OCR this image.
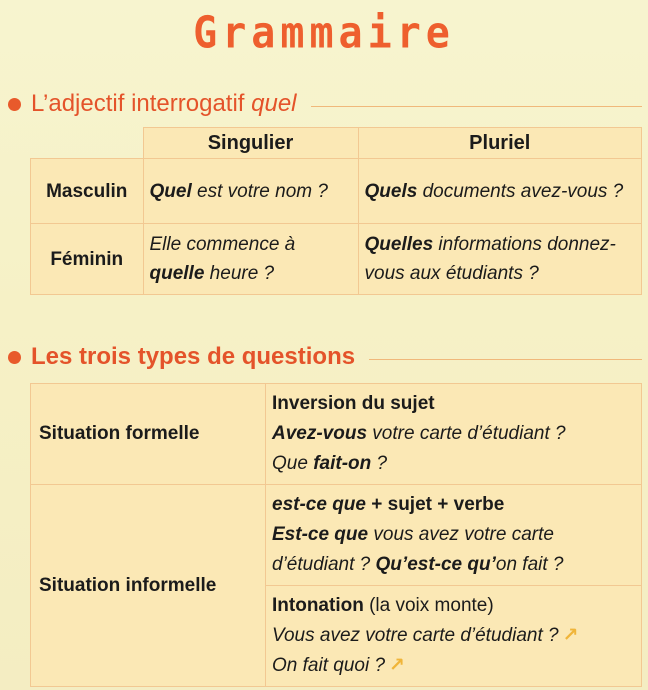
Grammaire
L’adjectif interrogatif quel
	Singulier	Pluriel
Masculin	Quel est votre nom ?	Quels documents avez-vous ?
Féminin	Elle commence à quelle heure ?	Quelles informations donnez-vous aux étudiants ?
Les trois types de questions
Situation formelle	Inversion du sujet
Avez-vous votre carte d’étudiant ?
Que fait-on ?

Situation informelle	est-ce que + sujet + verbe
Est-ce que vous avez votre carte d’étudiant ? Qu’est-ce qu’on fait ?

	Intonation (la voix monte)
Vous avez votre carte d’étudiant ? ↗
On fait quoi ? ↗
